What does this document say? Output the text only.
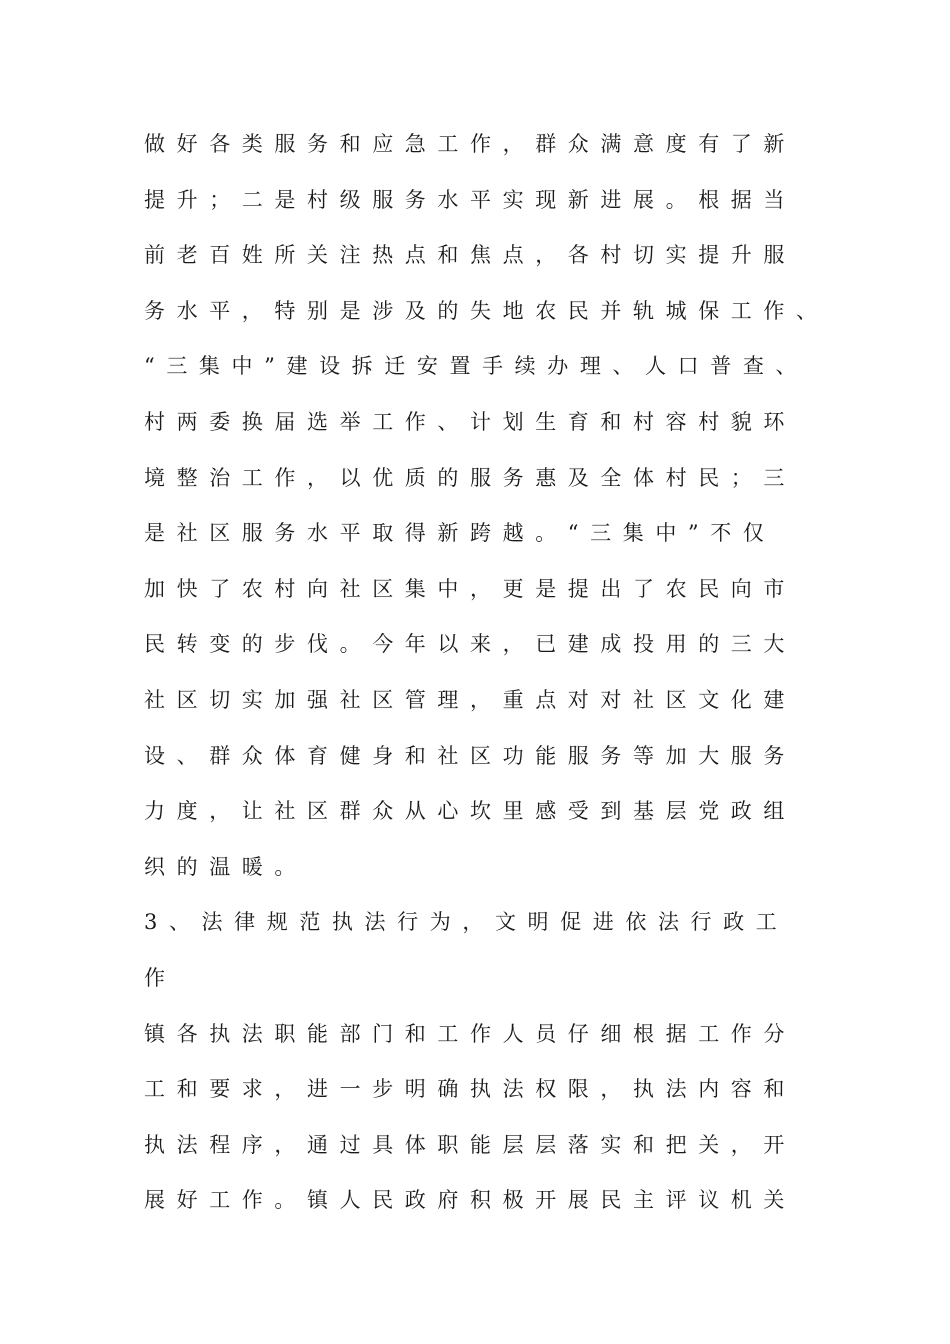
做好各类服务和应急工作，群众满意度有了新
提升；二是村级服务水平实现新进展。根据当
前老百姓所关注热点和焦点，各村切实提升服
务水平，特别是涉及的失地农民并轨城保工作、
“三集中”建设拆迁安置手续办理、人口普查、
村两委换届选举工作、计划生育和村容村貌环
境整治工作，以优质的服务惠及全体村民；三
是社区服务水平取得新跨越。“三集中”不仅
加快了农村向社区集中，更是提出了农民向市
民转变的步伐。今年以来，已建成投用的三大
社区切实加强社区管理，重点对对社区文化建
设、群众体育健身和社区功能服务等加大服务
力度，让社区群众从心坎里感受到基层党政组
织的温暖。
3、法律规范执法行为，文明促进依法行政工
作
镇各执法职能部门和工作人员仔细根据工作分
工和要求，进一步明确执法权限，执法内容和
执法程序，通过具体职能层层落实和把关，开
展好工作。镇人民政府积极开展民主评议机关
